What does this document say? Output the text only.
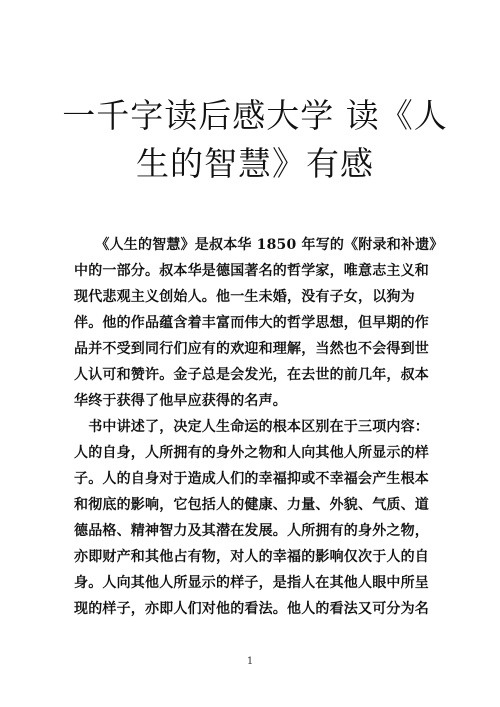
一千字读后感大学 读《人
生的智慧》有感
　　《人生的智慧》是叔本华 1850 年写的《附录和补遗》
中的一部分。叔本华是德国著名的哲学家，唯意志主义和
现代悲观主义创始人。他一生未婚，没有子女，以狗为
伴。他的作品蕴含着丰富而伟大的哲学思想，但早期的作
品并不受到同行们应有的欢迎和理解，当然也不会得到世
人认可和赞许。金子总是会发光，在去世的前几年，叔本
华终于获得了他早应获得的名声。
　书中讲述了，决定人生命运的根本区别在于三项内容：
人的自身，人所拥有的身外之物和人向其他人所显示的样
子。人的自身对于造成人们的幸福抑或不幸福会产生根本
和彻底的影响，它包括人的健康、力量、外貌、气质、道
德品格、精神智力及其潜在发展。人所拥有的身外之物，
亦即财产和其他占有物，对人的幸福的影响仅次于人的自
身。人向其他人所显示的样子，是指人在其他人眼中所呈
现的样子，亦即人们对他的看法。他人的看法又可分为名
1
